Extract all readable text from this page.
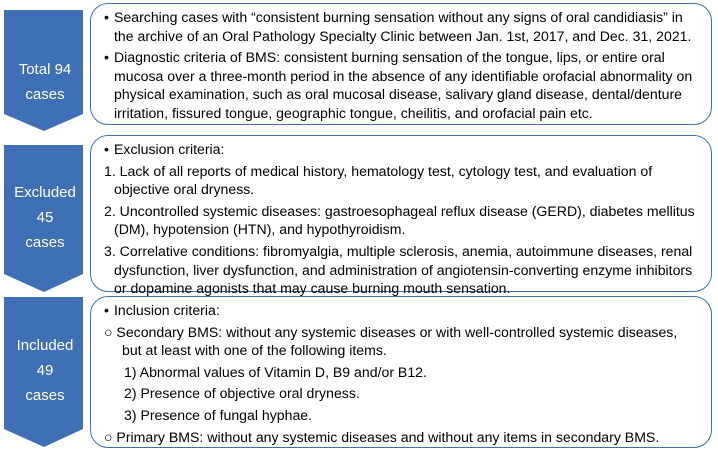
Total 94
cases
Excluded
45
cases
Included
49
cases
• Searching cases with “consistent burning sensation without any signs of oral candidiasis” in the archive of an Oral Pathology Specialty Clinic between Jan. 1st, 2017, and Dec. 31, 2021.
• Diagnostic criteria of BMS: consistent burning sensation of the tongue, lips, or entire oral mucosa over a three-month period in the absence of any identifiable orofacial abnormality on physical examination, such as oral mucosal disease, salivary gland disease, dental/denture irritation, fissured tongue, geographic tongue, cheilitis, and orofacial pain etc.
• Exclusion criteria:

1. Lack of all reports of medical history, hematology test, cytology test, and evaluation of objective oral dryness.

2. Uncontrolled systemic diseases: gastroesophageal reflux disease (GERD), diabetes mellitus (DM), hypotension (HTN), and hypothyroidism.

3. Correlative conditions: fibromyalgia, multiple sclerosis, anemia, autoimmune diseases, renal dysfunction, liver dysfunction, and administration of angiotensin-converting enzyme inhibitors or dopamine agonists that may cause burning mouth sensation.

• Inclusion criteria:

○ Secondary BMS: without any systemic diseases or with well-controlled systemic diseases, but at least with one of the following items.

1) Abnormal values of Vitamin D, B9 and/or B12.

2) Presence of objective oral dryness.

3) Presence of fungal hyphae.

○ Primary BMS: without any systemic diseases and without any items in secondary BMS.
